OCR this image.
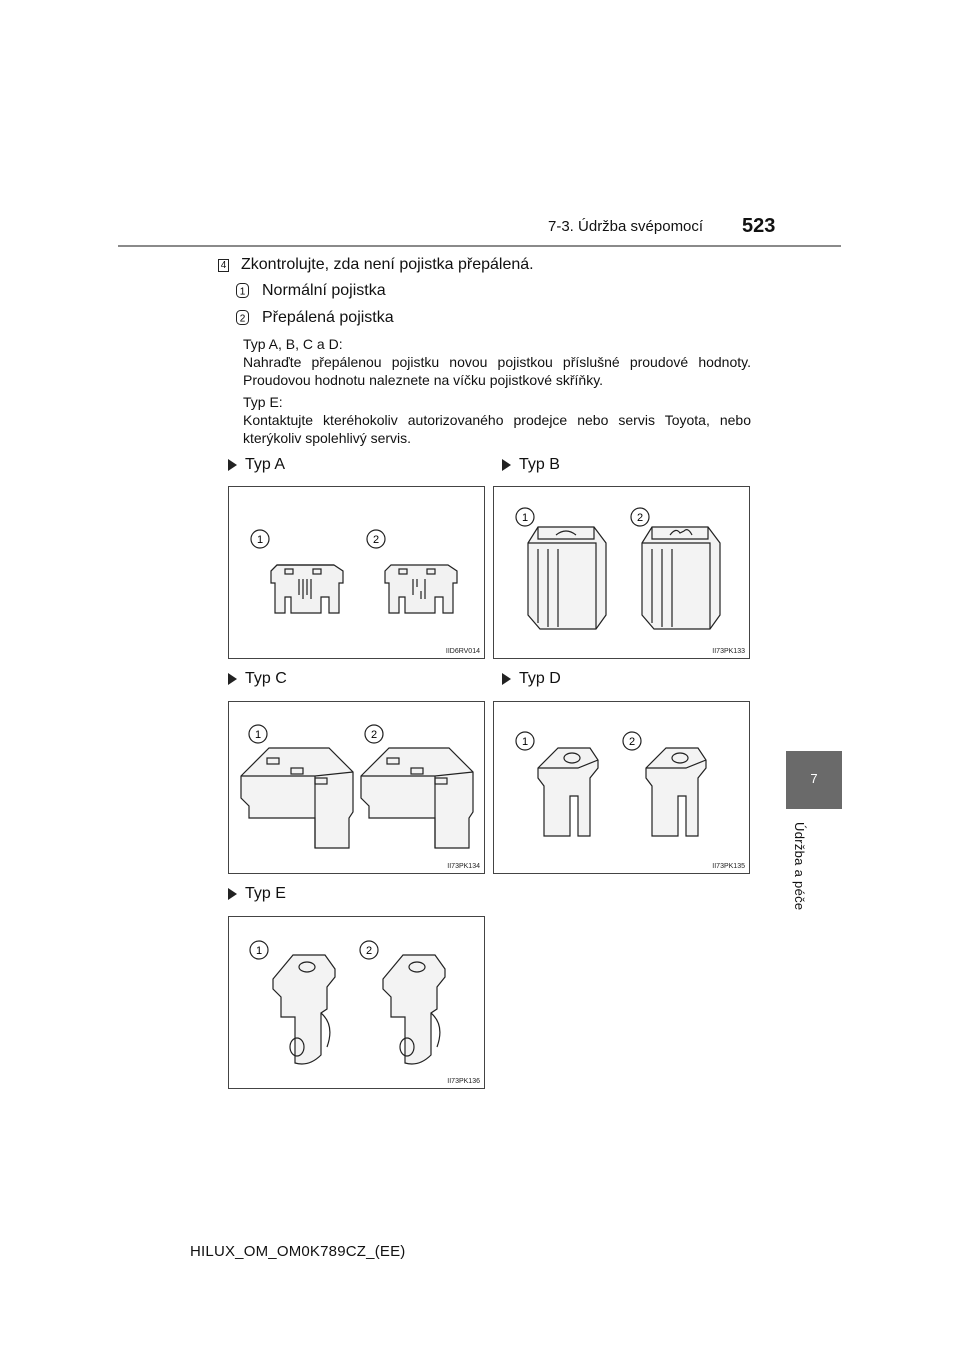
7-3. Údržba svépomocí 523
7
Údržba a péče
4 Zkontrolujte, zda není pojistka přepálená.
1 Normální pojistka
2 Přepálená pojistka
Typ A, B, C a D:
Nahraďte přepálenou pojistku novou pojistkou příslušné proudové hodnoty. Proudovou hodnotu naleznete na víčku pojistkové skříňky.
Typ E:
Kontaktujte kteréhokoliv autorizovaného prodejce nebo servis Toyota, nebo kterýkoliv spolehlivý servis.
Typ A	Typ B
Typ C	Typ D
Typ E
1	2
IID6RV014
1	2
II73PK133
1	2
II73PK134
1	2
II73PK135
1	2
II73PK136
HILUX_OM_OM0K789CZ_(EE)
